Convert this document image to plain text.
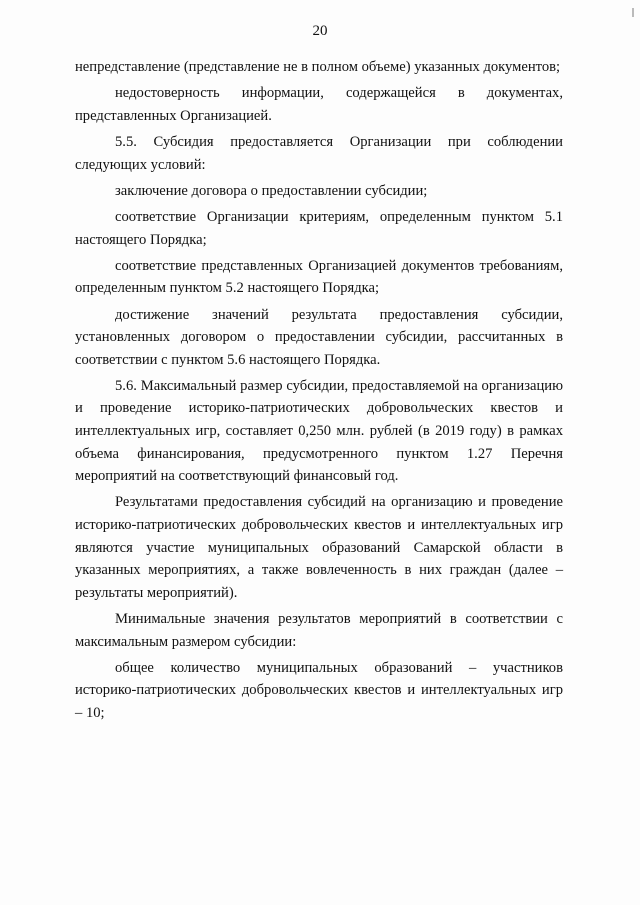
20

непредставление (представление не в полном объеме) указанных документов;

недостоверность информации, содержащейся в документах, представленных Организацией.

5.5. Субсидия предоставляется Организации при соблюдении следующих условий:

заключение договора о предоставлении субсидии;

соответствие Организации критериям, определенным пунктом 5.1 настоящего Порядка;

соответствие представленных Организацией документов требованиям, определенным пунктом 5.2 настоящего Порядка;

достижение значений результата предоставления субсидии, установленных договором о предоставлении субсидии, рассчитанных в соответствии с пунктом 5.6 настоящего Порядка.

5.6. Максимальный размер субсидии, предоставляемой на организацию и проведение историко-патриотических добровольческих квестов и интеллектуальных игр, составляет 0,250 млн. рублей (в 2019 году) в рамках объема финансирования, предусмотренного пунктом 1.27 Перечня мероприятий на соответствующий финансовый год.

Результатами предоставления субсидий на организацию и проведение историко-патриотических добровольческих квестов и интеллектуальных игр являются участие муниципальных образований Самарской области в указанных мероприятиях, а также вовлеченность в них граждан (далее – результаты мероприятий).

Минимальные значения результатов мероприятий в соответствии с максимальным размером субсидии:

общее количество муниципальных образований – участников историко-патриотических добровольческих квестов и интеллектуальных игр – 10;
